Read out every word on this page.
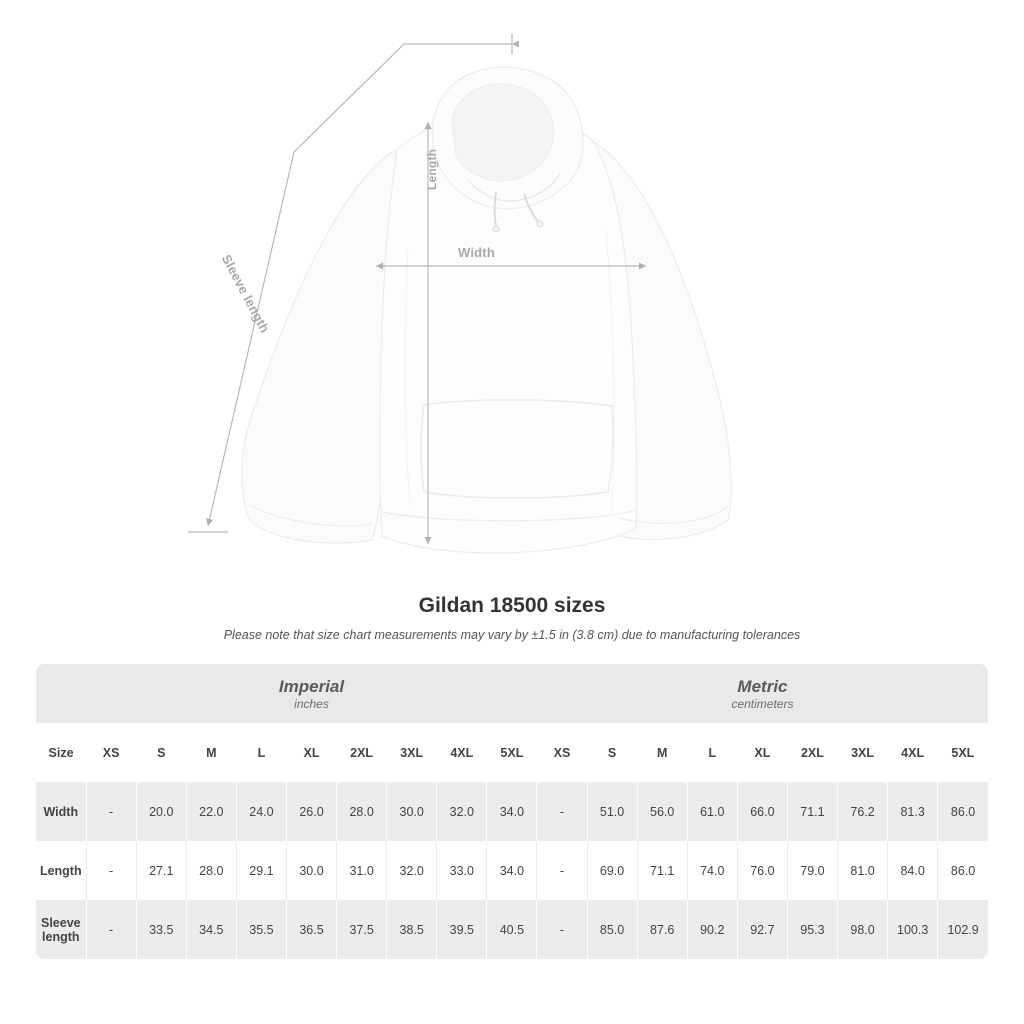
Width
Length
Sleeve length
Gildan 18500 sizes

Please note that size chart measurements may vary by ±1.5 in (3.8 cm) due to manufacturing tolerances

	Imperial
inches									Metric
centimeters								

Size	XS	S	M	L	XL	2XL	3XL	4XL	5XL	XS	S	M	L	XL	2XL	3XL	4XL	5XL
Width	-	20.0	22.0	24.0	26.0	28.0	30.0	32.0	34.0	-	51.0	56.0	61.0	66.0	71.1	76.2	81.3	86.0
Length	-	27.1	28.0	29.1	30.0	31.0	32.0	33.0	34.0	-	69.0	71.1	74.0	76.0	79.0	81.0	84.0	86.0
Sleeve length	-	33.5	34.5	35.5	36.5	37.5	38.5	39.5	40.5	-	85.0	87.6	90.2	92.7	95.3	98.0	100.3	102.9
